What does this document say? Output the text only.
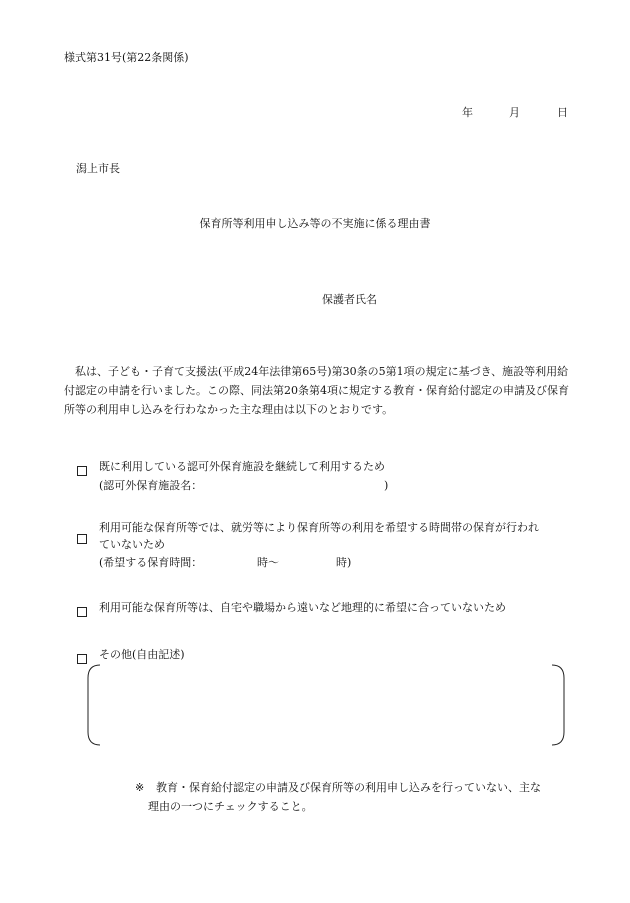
様式第31号(第22条関係)
年	月	日
潟上市長
保育所等利用申し込み等の不実施に係る理由書
保護者氏名
私は、子ども・子育て支援法(平成24年法律第65号)第30条の5第1項の規定に基づき、施設等利用給付認定の申請を行いました。この際、同法第20条第4項に規定する教育・保育給付認定の申請及び保育所等の利用申し込みを行わなかった主な理由は以下のとおりです。
既に利用している認可外保育施設を継続して利用するため
(認可外保育施設名：	)
利用可能な保育所等では、就労等により保育所等の利用を希望する時間帯の保育が行われ
ていないため
(希望する保育時間：	時～	時)
利用可能な保育所等は、自宅や職場から遠いなど地理的に希望に合っていないため
その他(自由記述)
※ 教育・保育給付認定の申請及び保育所等の利用申し込みを行っていない、主な
理由の一つにチェックすること。
